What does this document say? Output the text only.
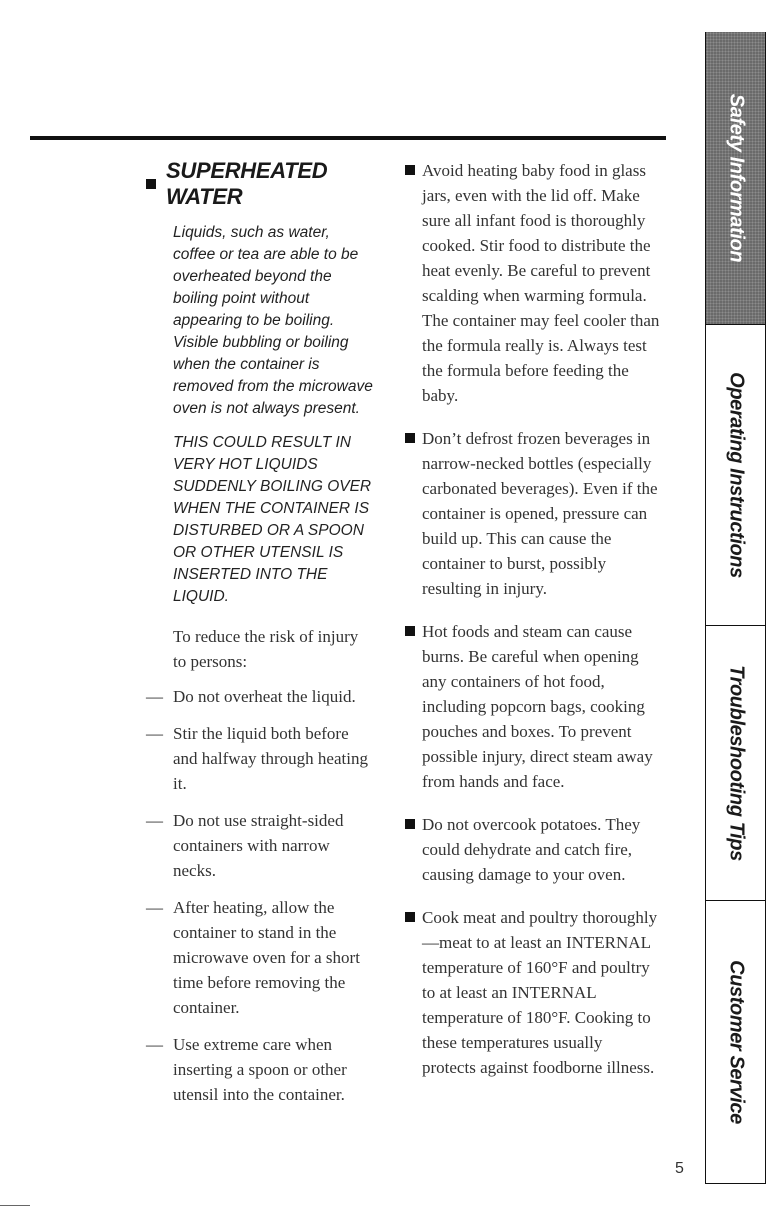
SUPERHEATED WATER

Liquids, such as water, coffee or tea are able to be overheated beyond the boiling point without appearing to be boiling. Visible bubbling or boiling when the container is removed from the microwave oven is not always present.

THIS COULD RESULT IN VERY HOT LIQUIDS SUDDENLY BOILING OVER WHEN THE CONTAINER IS DISTURBED OR A SPOON OR OTHER UTENSIL IS INSERTED INTO THE LIQUID.

To reduce the risk of injury to persons:

— Do not overheat the liquid.
— Stir the liquid both before and halfway through heating it.
— Do not use straight-sided containers with narrow necks.
— After heating, allow the container to stand in the microwave oven for a short time before removing the container.
— Use extreme care when inserting a spoon or other utensil into the container.
Avoid heating baby food in glass jars, even with the lid off. Make sure all infant food is thoroughly cooked. Stir food to distribute the heat evenly. Be careful to prevent scalding when warming formula. The container may feel cooler than the formula really is. Always test the formula before feeding the baby.
Don’t defrost frozen beverages in narrow-necked bottles (especially carbonated beverages). Even if the container is opened, pressure can build up. This can cause the container to burst, possibly resulting in injury.
Hot foods and steam can cause burns. Be careful when opening any containers of hot food, including popcorn bags, cooking pouches and boxes. To prevent possible injury, direct steam away from hands and face.
Do not overcook potatoes. They could dehydrate and catch fire, causing damage to your oven.
Cook meat and poultry thoroughly—meat to at least an INTERNAL temperature of 160°F and poultry to at least an INTERNAL temperature of 180°F. Cooking to these temperatures usually protects against foodborne illness.
5
Safety Information
Operating Instructions
Troubleshooting Tips
Customer Service
